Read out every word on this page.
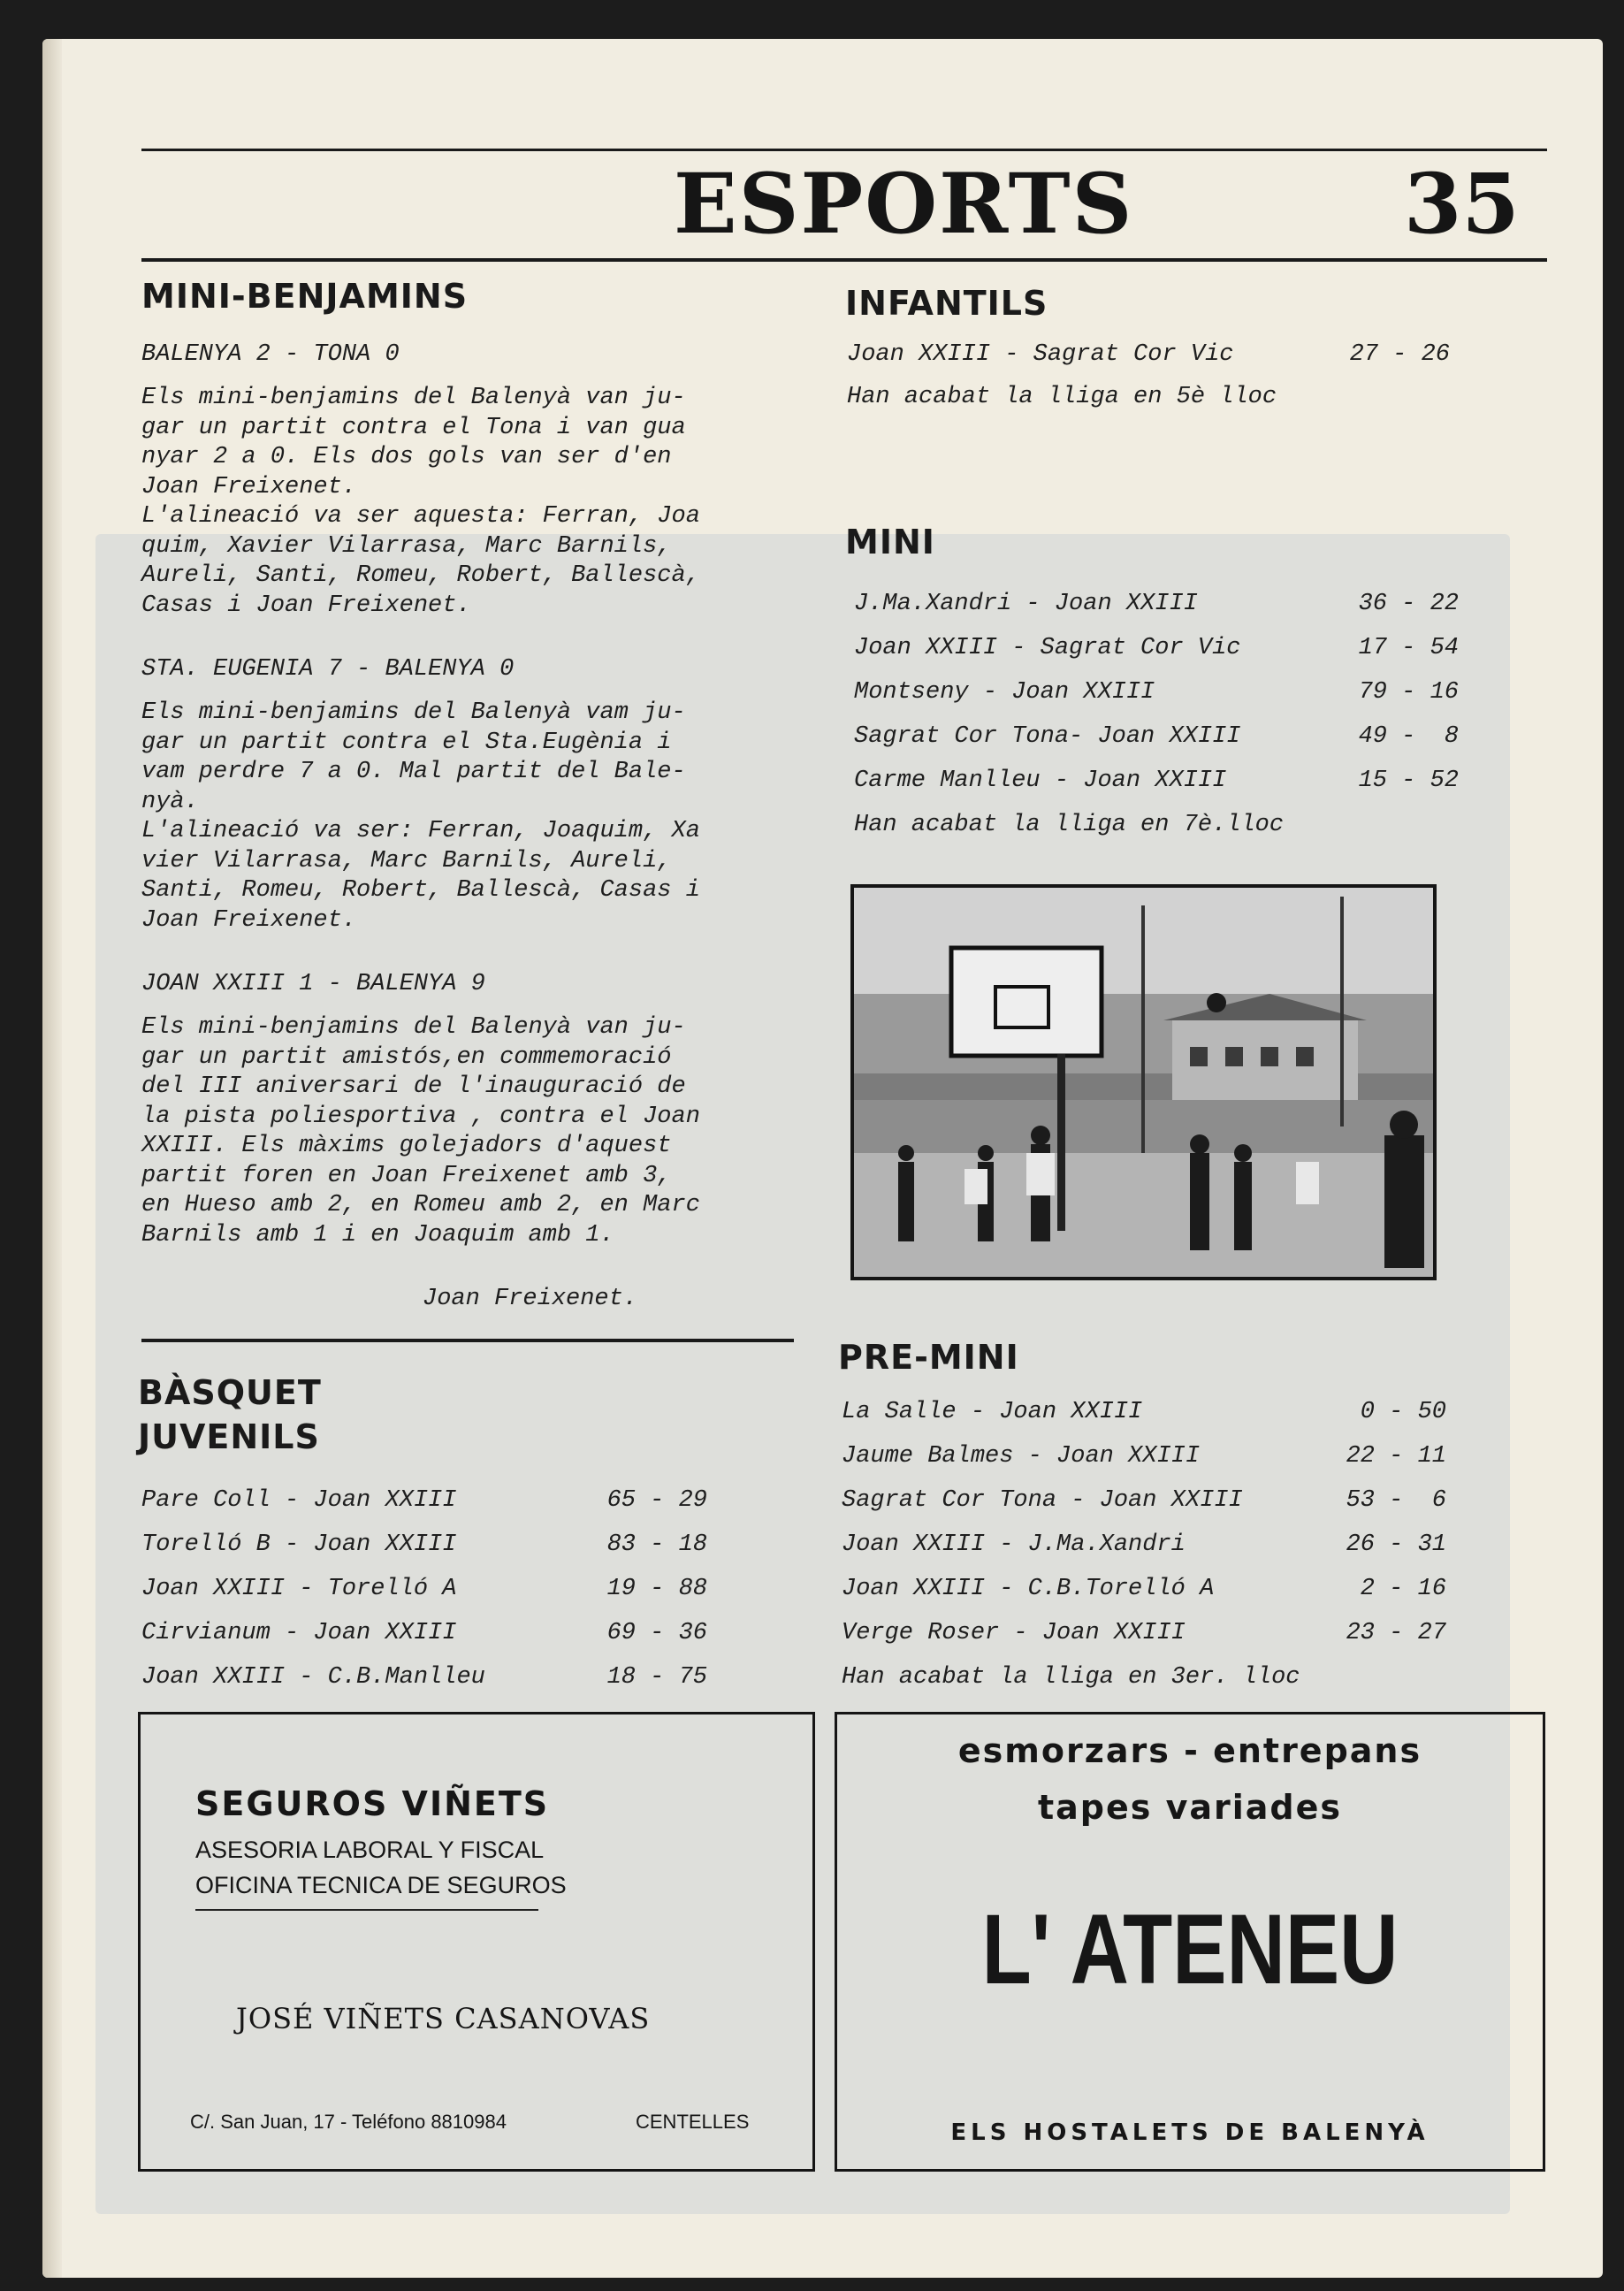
ESPORTS	35
MINI-BENJAMINS
BALENYA 2 - TONA 0
Els mini-benjamins del Balenyà van ju-
gar un partit contra el Tona i van gua
nyar 2 a 0. Els dos gols van ser d'en
Joan Freixenet.
L'alineació va ser aquesta: Ferran, Joa
quim, Xavier Vilarrasa, Marc Barnils,
Aureli, Santi, Romeu, Robert, Ballescà,
Casas i Joan Freixenet.
STA. EUGENIA 7 - BALENYA 0
Els mini-benjamins del Balenyà vam ju-
gar un partit contra el Sta.Eugènia i
vam perdre 7 a 0. Mal partit del Bale-
nyà.
L'alineació va ser: Ferran, Joaquim, Xa
vier Vilarrasa, Marc Barnils, Aureli,
Santi, Romeu, Robert, Ballescà, Casas i
Joan Freixenet.
JOAN XXIII 1 - BALENYA 9
Els mini-benjamins del Balenyà van ju-
gar un partit amistós,en commemoració
del III aniversari de l'inauguració de
la pista poliesportiva , contra el Joan
XXIII. Els màxims golejadors d'aquest
partit foren en Joan Freixenet amb 3,
en Hueso amb 2, en Romeu amb 2, en Marc
Barnils amb 1 i en Joaquim amb 1.
Joan Freixenet.
BÀSQUET
JUVENILS
Pare Coll - Joan XXIII	65 - 29
Torelló B - Joan XXIII	83 - 18
Joan XXIII - Torelló A	19 - 88
Cirvianum - Joan XXIII	69 - 36
Joan XXIII - C.B.Manlleu	18 - 75
INFANTILS
Joan XXIII - Sagrat Cor Vic	27 - 26
Han acabat la lliga en 5è lloc
MINI
J.Ma.Xandri - Joan XXIII	36 - 22
Joan XXIII - Sagrat Cor Vic	17 - 54
Montseny - Joan XXIII	79 - 16
Sagrat Cor Tona- Joan XXIII	49 -  8
Carme Manlleu - Joan XXIII	15 - 52
Han acabat la lliga en 7è.lloc
PRE-MINI
La Salle - Joan XXIII	0 - 50
Jaume Balmes - Joan XXIII	22 - 11
Sagrat Cor Tona - Joan XXIII	53 -  6
Joan XXIII - J.Ma.Xandri	26 - 31
Joan XXIII - C.B.Torelló A	2 - 16
Verge Roser - Joan XXIII	23 - 27
Han acabat la lliga en 3er. lloc
SEGUROS VIÑETS
ASESORIA LABORAL Y FISCAL
OFICINA TECNICA DE SEGUROS
JOSÉ VIÑETS CASANOVAS
C/. San Juan, 17 - Teléfono 8810984	CENTELLES
esmorzars - entrepans
tapes variades
L' ATENEU
ELS HOSTALETS DE BALENYÀ
